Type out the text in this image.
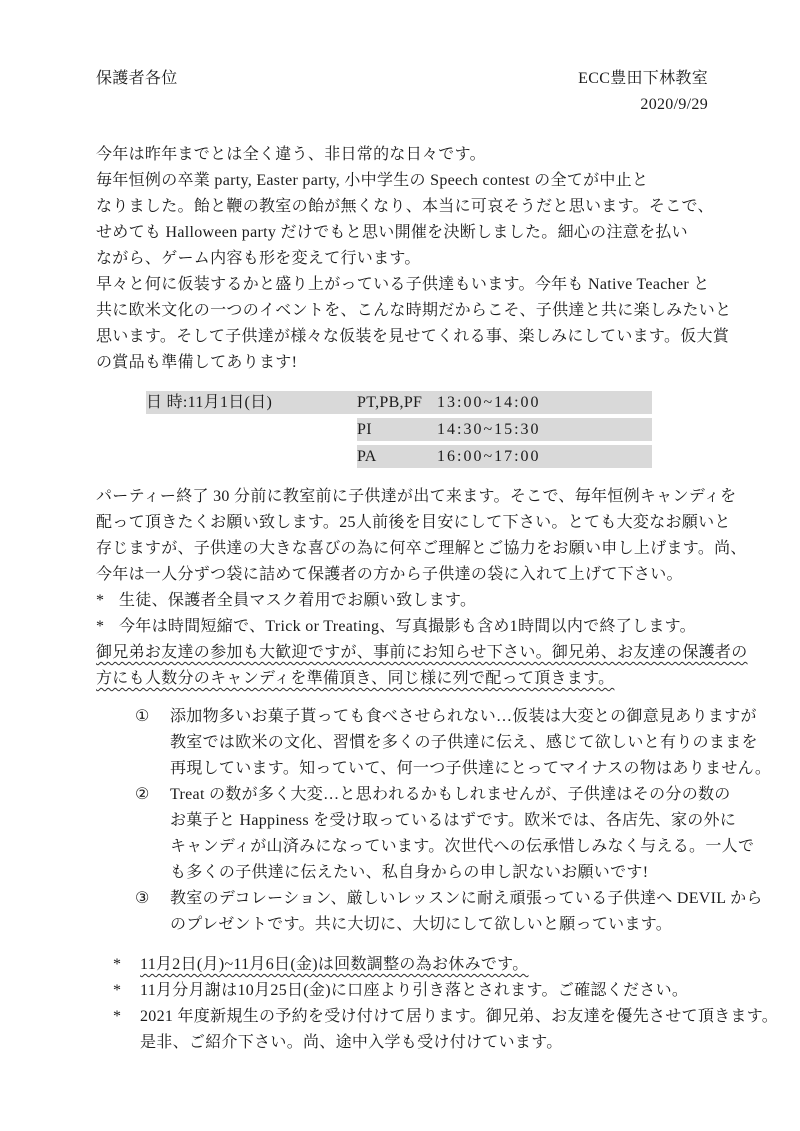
保護者各位	ECC豊田下林教室
2020/9/29
今年は昨年までとは全く違う、非日常的な日々です。
毎年恒例の卒業 party, Easter party, 小中学生の Speech contest の全てが中止と
なりました。飴と鞭の教室の飴が無くなり、本当に可哀そうだと思います。そこで、
せめても Halloween party だけでもと思い開催を決断しました。細心の注意を払い
ながら、ゲーム内容も形を変えて行います。
早々と何に仮装するかと盛り上がっている子供達もいます。今年も Native Teacher と
共に欧米文化の一つのイベントを、こんな時期だからこそ、子供達と共に楽しみたいと
思います。そして子供達が様々な仮装を見せてくれる事、楽しみにしています。仮大賞
の賞品も準備してあります!
日 時:11月1日(日)	PT,PB,PF 13:00~14:00
PI	14:30~15:30
PA	16:00~17:00
パーティー終了 30 分前に教室前に子供達が出て来ます。そこで、毎年恒例キャンディを
配って頂きたくお願い致します。25人前後を目安にして下さい。とても大変なお願いと
存じますが、子供達の大きな喜びの為に何卒ご理解とご協力をお願い申し上げます。尚、
今年は一人分ずつ袋に詰めて保護者の方から子供達の袋に入れて上げて下さい。
* 生徒、保護者全員マスク着用でお願い致します。
* 今年は時間短縮で、Trick or Treating、写真撮影も含め1時間以内で終了します。
御兄弟お友達の参加も大歓迎ですが、事前にお知らせ下さい。御兄弟、お友達の保護者の
方にも人数分のキャンディを準備頂き、同じ様に列で配って頂きます。
①	添加物多いお菓子貰っても食べさせられない…仮装は大変との御意見ありますが
教室では欧米の文化、習慣を多くの子供達に伝え、感じて欲しいと有りのままを
再現しています。知っていて、何一つ子供達にとってマイナスの物はありません。
②	Treat の数が多く大変…と思われるかもしれませんが、子供達はその分の数の
お菓子と Happiness を受け取っているはずです。欧米では、各店先、家の外に
キャンディが山済みになっています。次世代への伝承惜しみなく与える。一人で
も多くの子供達に伝えたい、私自身からの申し訳ないお願いです!
③	教室のデコレーション、厳しいレッスンに耐え頑張っている子供達へ DEVIL から
のプレゼントです。共に大切に、大切にして欲しいと願っています。
*	11月2日(月)~11月6日(金)は回数調整の為お休みです。
*	11月分月謝は10月25日(金)に口座より引き落とされます。ご確認ください。
*	2021 年度新規生の予約を受け付けて居ります。御兄弟、お友達を優先させて頂きます。
是非、ご紹介下さい。尚、途中入学も受け付けています。
